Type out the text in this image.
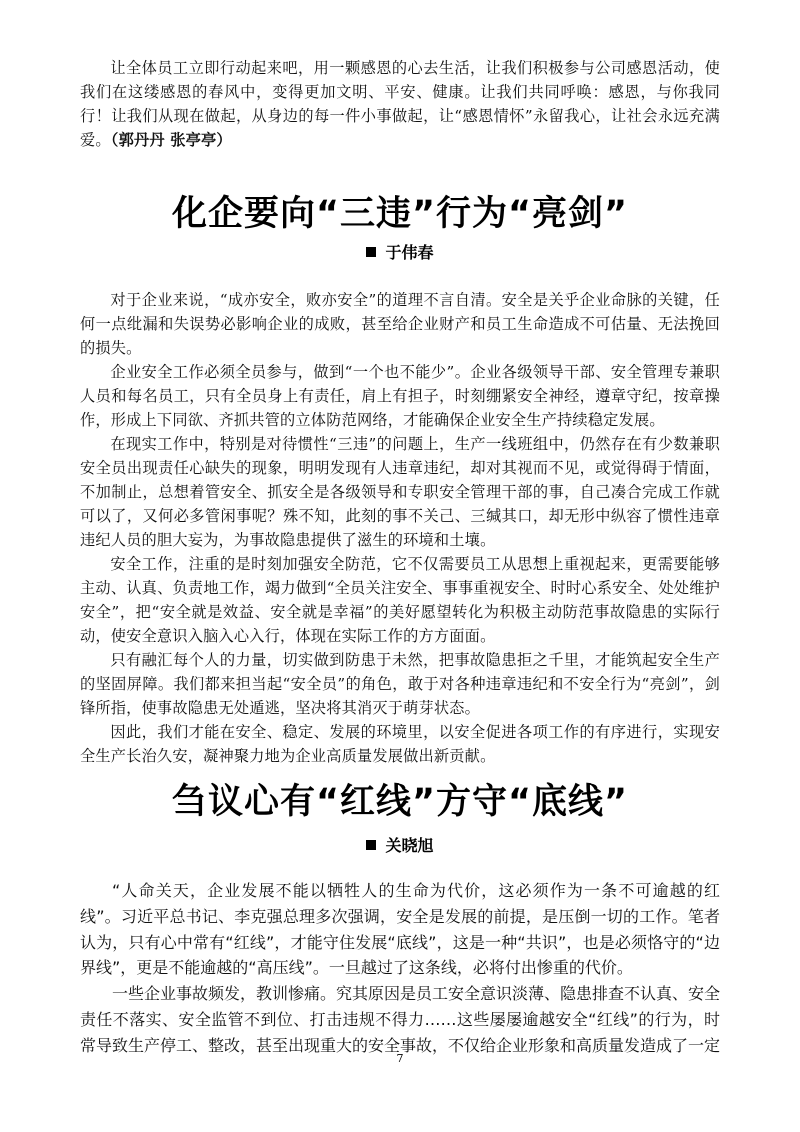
让全体员工立即行动起来吧，用一颗感恩的心去生活，让我们积极参与公司感恩活动，使我们在这缕感恩的春风中，变得更加文明、平安、健康。让我们共同呼唤：感恩，与你我同行！让我们从现在做起，从身边的每一件小事做起，让“感恩情怀”永留我心，让社会永远充满爱。（郭丹丹 张亭亭）

化企要向“三违”行为“亮剑”
于伟春

对于企业来说，“成亦安全，败亦安全”的道理不言自清。安全是关乎企业命脉的关键，任何一点纰漏和失误势必影响企业的成败，甚至给企业财产和员工生命造成不可估量、无法挽回的损失。

企业安全工作必须全员参与，做到“一个也不能少”。企业各级领导干部、安全管理专兼职人员和每名员工，只有全员身上有责任，肩上有担子，时刻绷紧安全神经，遵章守纪，按章操作，形成上下同欲、齐抓共管的立体防范网络，才能确保企业安全生产持续稳定发展。

在现实工作中，特别是对待惯性“三违”的问题上，生产一线班组中，仍然存在有少数兼职安全员出现责任心缺失的现象，明明发现有人违章违纪，却对其视而不见，或觉得碍于情面，不加制止，总想着管安全、抓安全是各级领导和专职安全管理干部的事，自己凑合完成工作就可以了，又何必多管闲事呢？殊不知，此刻的事不关己、三缄其口，却无形中纵容了惯性违章违纪人员的胆大妄为，为事故隐患提供了滋生的环境和土壤。

安全工作，注重的是时刻加强安全防范，它不仅需要员工从思想上重视起来，更需要能够主动、认真、负责地工作，竭力做到“全员关注安全、事事重视安全、时时心系安全、处处维护安全”，把“安全就是效益、安全就是幸福”的美好愿望转化为积极主动防范事故隐患的实际行动，使安全意识入脑入心入行，体现在实际工作的方方面面。

只有融汇每个人的力量，切实做到防患于未然，把事故隐患拒之千里，才能筑起安全生产的坚固屏障。我们都来担当起“安全员”的角色，敢于对各种违章违纪和不安全行为“亮剑”，剑锋所指，使事故隐患无处遁逃，坚决将其消灭于萌芽状态。

因此，我们才能在安全、稳定、发展的环境里，以安全促进各项工作的有序进行，实现安全生产长治久安，凝神聚力地为企业高质量发展做出新贡献。

刍议心有“红线”方守“底线”
关晓旭

“人命关天，企业发展不能以牺牲人的生命为代价，这必须作为一条不可逾越的红线”。习近平总书记、李克强总理多次强调，安全是发展的前提，是压倒一切的工作。笔者认为，只有心中常有“红线”，才能守住发展“底线”，这是一种“共识”，也是必须恪守的“边界线”，更是不能逾越的“高压线”。一旦越过了这条线，必将付出惨重的代价。

一些企业事故频发，教训惨痛。究其原因是员工安全意识淡薄、隐患排查不认真、安全责任不落实、安全监管不到位、打击违规不得力……这些屡屡逾越安全“红线”的行为，时常导致生产停工、整改，甚至出现重大的安全事故，不仅给企业形象和高质量发造成了一定

7
